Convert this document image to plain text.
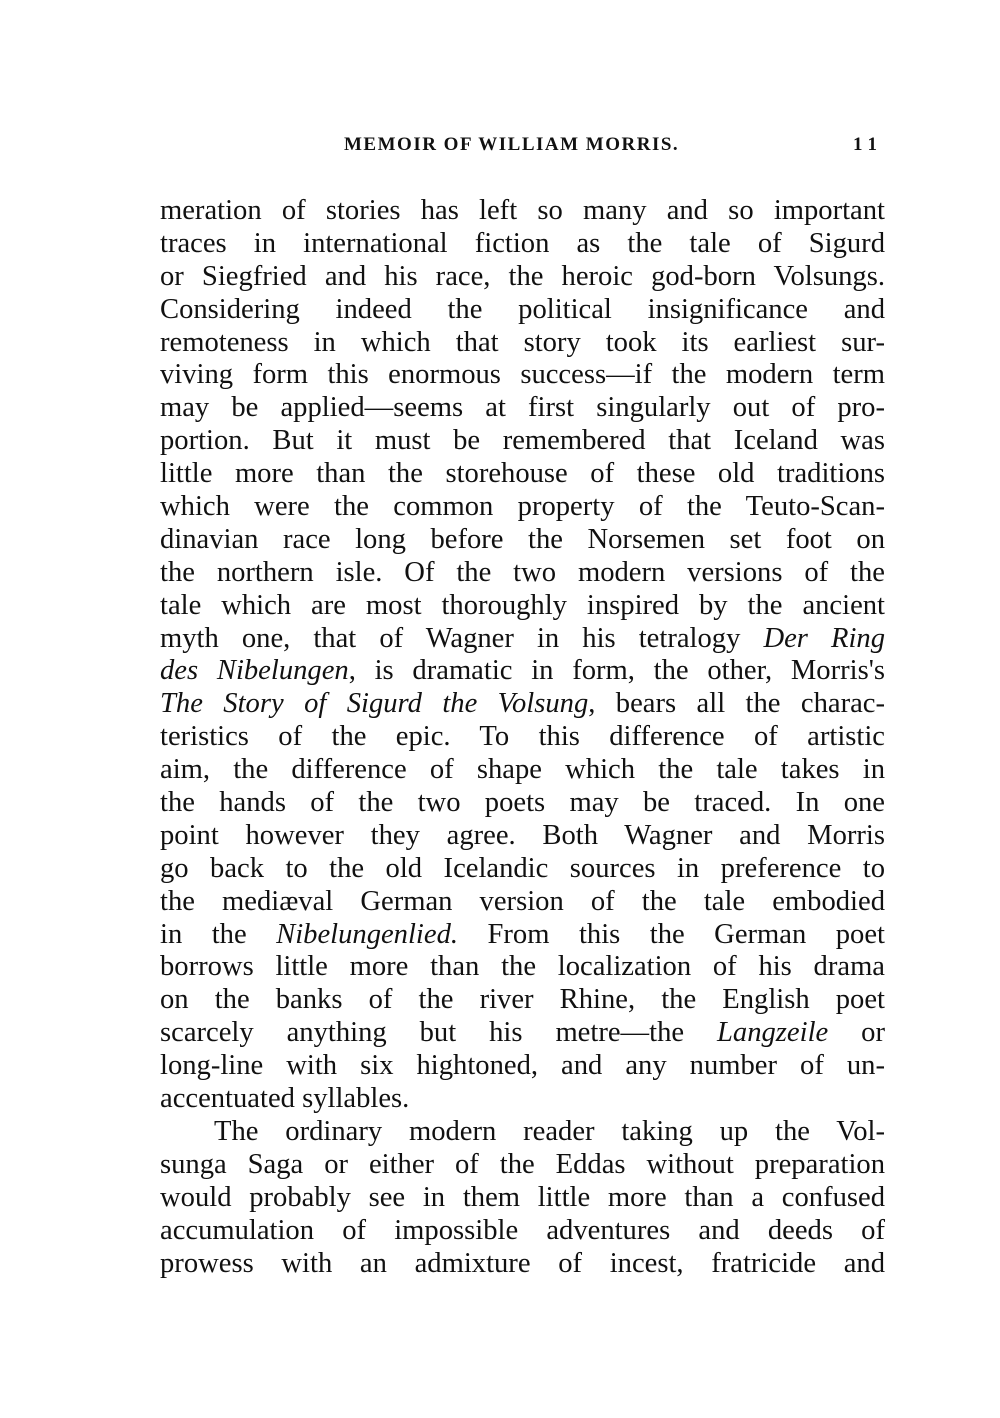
MEMOIR OF WILLIAM MORRIS.	11
meration of stories has left so many and so important
traces in international fiction as the tale of Sigurd
or Siegfried and his race, the heroic god-born Volsungs.
Considering indeed the political insignificance and
remoteness in which that story took its earliest sur-
viving form this enormous success—if the modern term
may be applied—seems at first singularly out of pro-
portion. But it must be remembered that Iceland was
little more than the storehouse of these old traditions
which were the common property of the Teuto-Scan-
dinavian race long before the Norsemen set foot on
the northern isle. Of the two modern versions of the
tale which are most thoroughly inspired by the ancient
myth one, that of Wagner in his tetralogy Der Ring
des Nibelungen, is dramatic in form, the other, Morris's
The Story of Sigurd the Volsung, bears all the charac-
teristics of the epic. To this difference of artistic
aim, the difference of shape which the tale takes in
the hands of the two poets may be traced. In one
point however they agree. Both Wagner and Morris
go back to the old Icelandic sources in preference to
the mediæval German version of the tale embodied
in the Nibelungenlied. From this the German poet
borrows little more than the localization of his drama
on the banks of the river Rhine, the English poet
scarcely anything but his metre—the Langzeile or
long-line with six hightoned, and any number of un-
accentuated syllables.
The ordinary modern reader taking up the Vol-
sunga Saga or either of the Eddas without preparation
would probably see in them little more than a confused
accumulation of impossible adventures and deeds of
prowess with an admixture of incest, fratricide and
